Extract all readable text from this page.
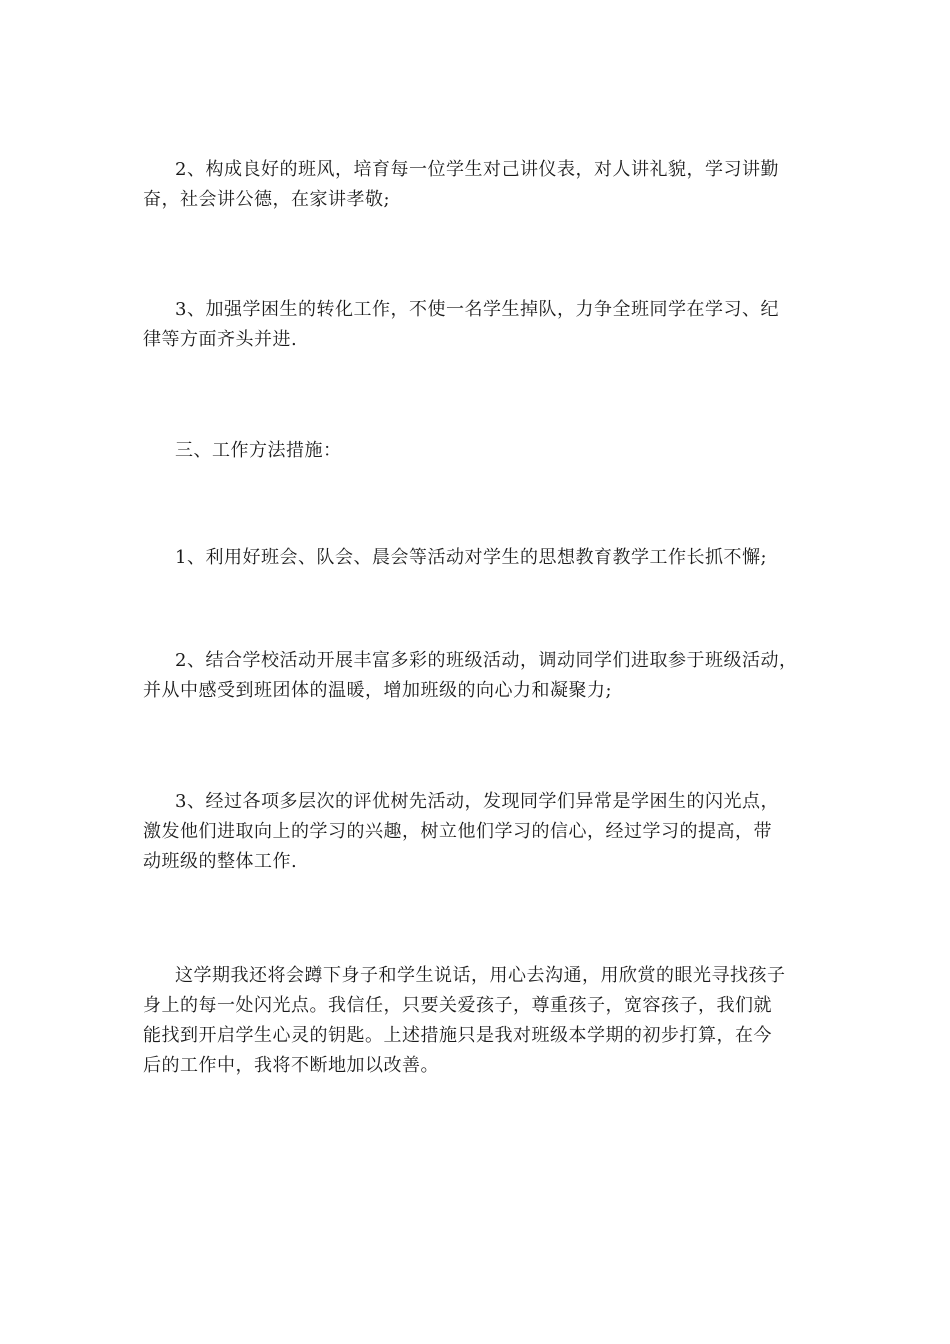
2、构成良好的班风，培育每一位学生对己讲仪表，对人讲礼貌，学习讲勤
奋，社会讲公德，在家讲孝敬;
3、加强学困生的转化工作，不使一名学生掉队，力争全班同学在学习、纪
律等方面齐头并进.
三、工作方法措施：
1、利用好班会、队会、晨会等活动对学生的思想教育教学工作长抓不懈;
2、结合学校活动开展丰富多彩的班级活动，调动同学们进取参于班级活动，
并从中感受到班团体的温暖，增加班级的向心力和凝聚力;
3、经过各项多层次的评优树先活动，发现同学们异常是学困生的闪光点，
激发他们进取向上的学习的兴趣，树立他们学习的信心，经过学习的提高，带
动班级的整体工作.
这学期我还将会蹲下身子和学生说话，用心去沟通，用欣赏的眼光寻找孩子
身上的每一处闪光点。我信任，只要关爱孩子，尊重孩子，宽容孩子，我们就
能找到开启学生心灵的钥匙。上述措施只是我对班级本学期的初步打算，在今
后的工作中，我将不断地加以改善。
